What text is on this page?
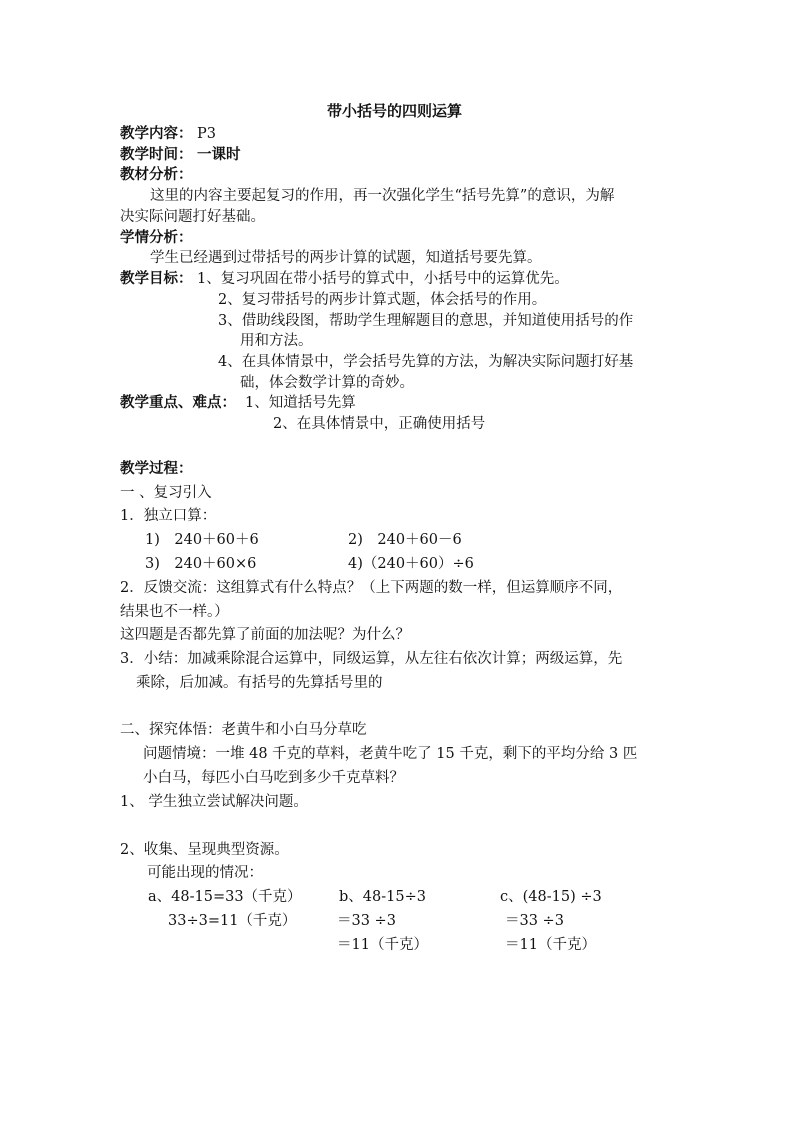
带小括号的四则运算
教学内容： P3
教学时间： 一课时
教材分析：
这里的内容主要起复习的作用，再一次强化学生“括号先算”的意识，为解
决实际问题打好基础。
学情分析：
学生已经遇到过带括号的两步计算的试题，知道括号要先算。
教学目标： 1、复习巩固在带小括号的算式中，小括号中的运算优先。
2、复习带括号的两步计算式题，体会括号的作用。
3、借助线段图，帮助学生理解题目的意思，并知道使用括号的作
用和方法。
4、在具体情景中，学会括号先算的方法，为解决实际问题打好基
础，体会数学计算的奇妙。
教学重点、难点： 1、知道括号先算
2、在具体情景中，正确使用括号
教学过程：
一 、复习引入
1．独立口算：
1)　240＋60＋6	2)　240＋60－6
3)　240＋60×6	4)（240＋60）÷6
2．反馈交流：这组算式有什么特点？（上下两题的数一样，但运算顺序不同，
结果也不一样。）
这四题是否都先算了前面的加法呢？为什么？
3．小结：加减乘除混合运算中，同级运算，从左往右依次计算；两级运算，先
乘除，后加减。有括号的先算括号里的
二、探究体悟：老黄牛和小白马分草吃
问题情境：一堆 48 千克的草料，老黄牛吃了 15 千克，剩下的平均分给 3 匹
小白马，每匹小白马吃到多少千克草料？
1、 学生独立尝试解决问题。
2、收集、呈现典型资源。
可能出现的情况：
a、48-15=33（千克）
33÷3=11（千克）
b、48-15÷3
＝33 ÷3
＝11（千克）
c、(48-15) ÷3
＝33 ÷3
＝11（千克）
